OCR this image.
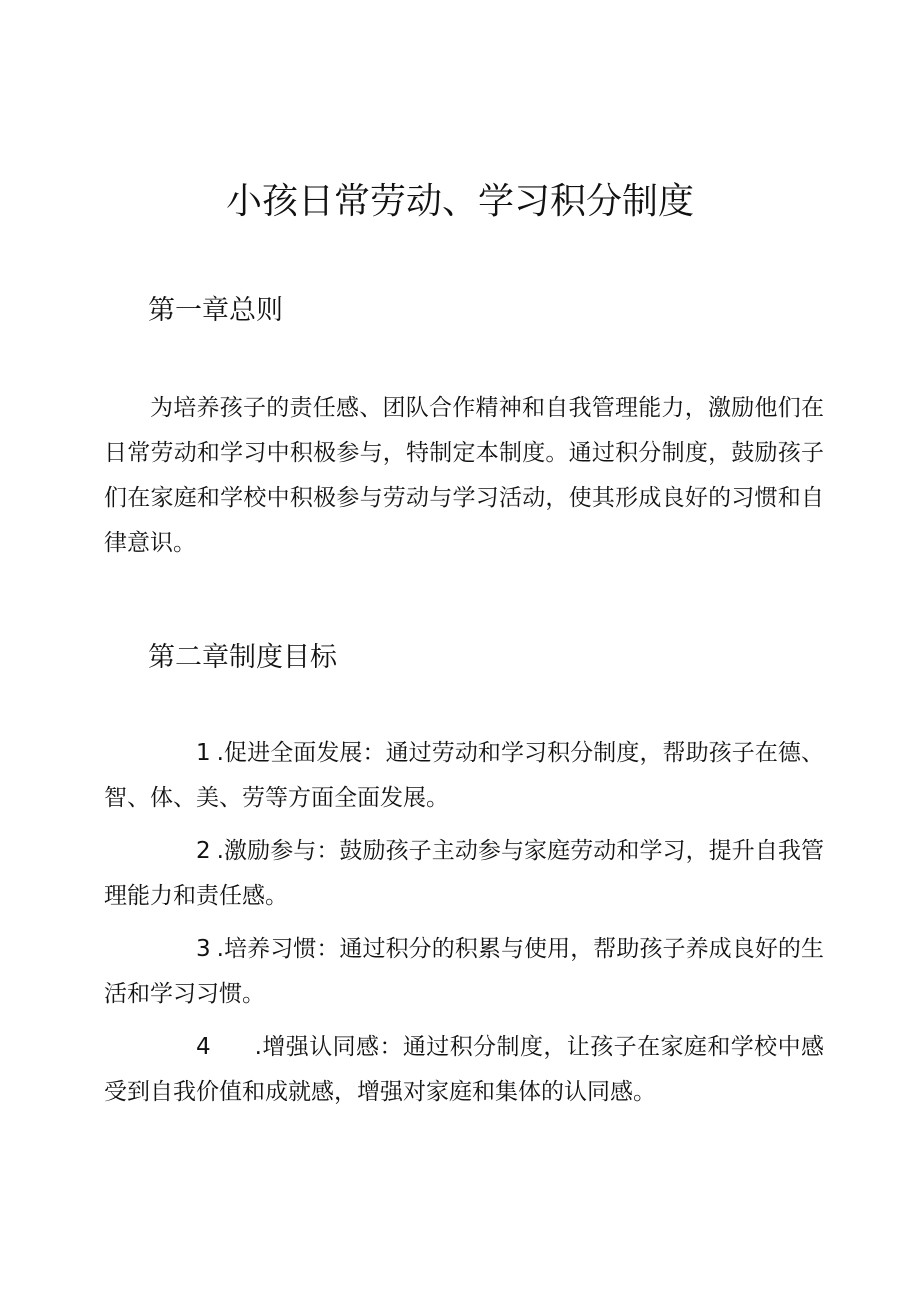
小孩日常劳动、学习积分制度
第一章总则
为培养孩子的责任感、团队合作精神和自我管理能力，激励他们在日常劳动和学习中积极参与，特制定本制度。通过积分制度，鼓励孩子们在家庭和学校中积极参与劳动与学习活动，使其形成良好的习惯和自律意识。
第二章制度目标
1 .促进全面发展：通过劳动和学习积分制度，帮助孩子在德、智、体、美、劳等方面全面发展。
2 .激励参与：鼓励孩子主动参与家庭劳动和学习，提升自我管理能力和责任感。
3 .培养习惯：通过积分的积累与使用，帮助孩子养成良好的生活和学习习惯。
4 .增强认同感：通过积分制度，让孩子在家庭和学校中感受到自我价值和成就感，增强对家庭和集体的认同感。
